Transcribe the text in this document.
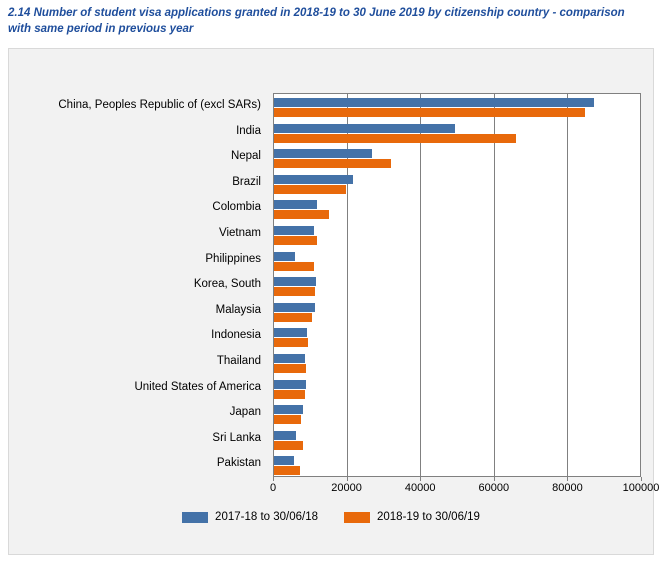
2.14 Number of student visa applications granted in 2018-19 to 30 June 2019 by citizenship country - comparison with same period in previous year
China, Peoples Republic of (excl SARs)
India
Nepal
Brazil
Colombia
Vietnam
Philippines
Korea, South
Malaysia
Indonesia
Thailand
United States of America
Japan
Sri Lanka
Pakistan
0	20000	40000	60000	80000	100000
2017-18 to 30/06/18	2018-19 to 30/06/19
